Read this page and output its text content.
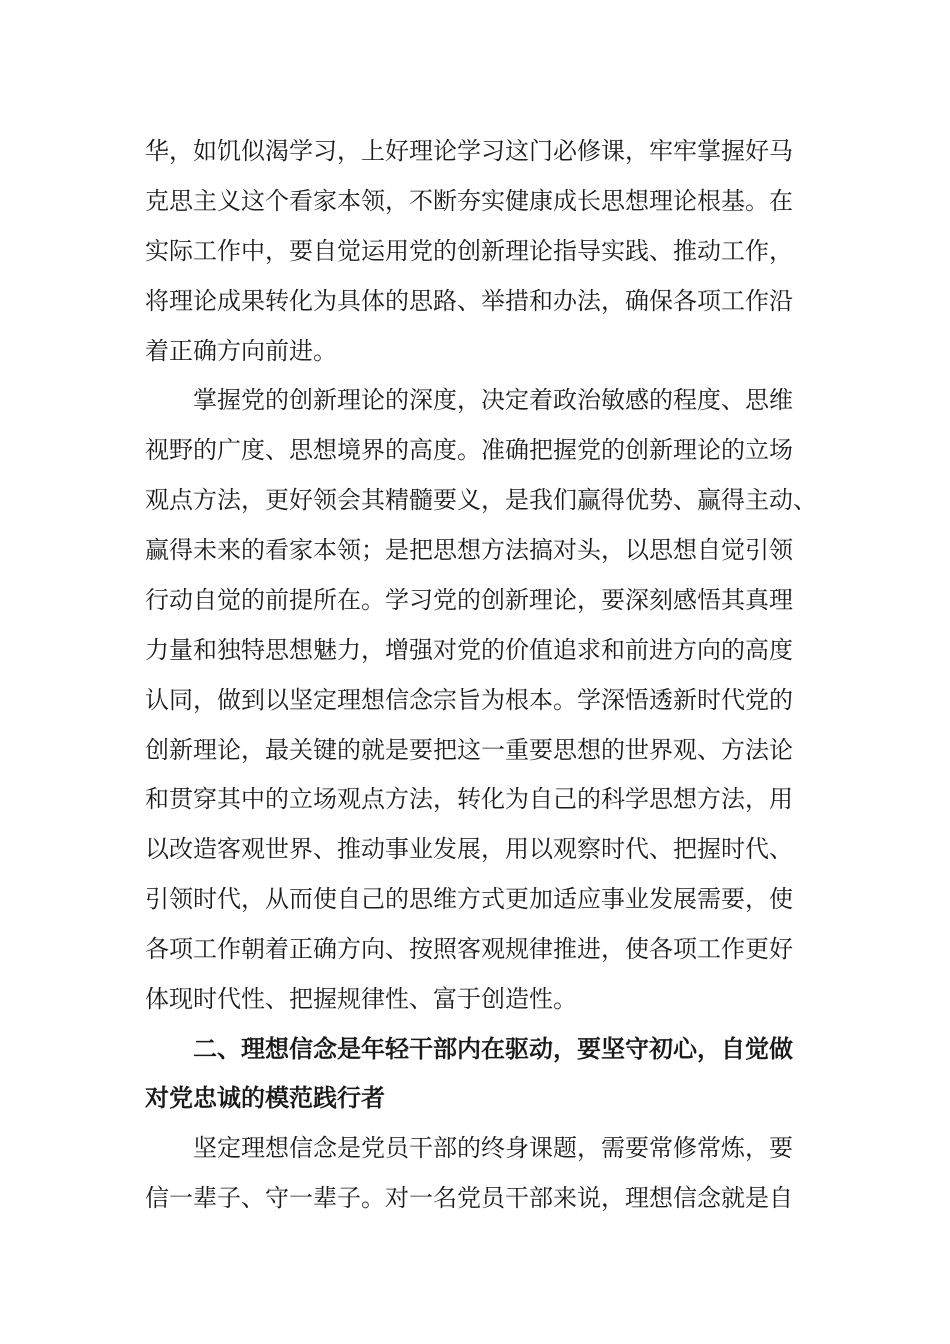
华，如饥似渴学习，上好理论学习这门必修课，牢牢掌握好马

克思主义这个看家本领，不断夯实健康成长思想理论根基。在

实际工作中，要自觉运用党的创新理论指导实践、推动工作，

将理论成果转化为具体的思路、举措和办法，确保各项工作沿

着正确方向前进。

掌握党的创新理论的深度，决定着政治敏感的程度、思维

视野的广度、思想境界的高度。准确把握党的创新理论的立场

观点方法，更好领会其精髓要义，是我们赢得优势、赢得主动、

赢得未来的看家本领；是把思想方法搞对头，以思想自觉引领

行动自觉的前提所在。学习党的创新理论，要深刻感悟其真理

力量和独特思想魅力，增强对党的价值追求和前进方向的高度

认同，做到以坚定理想信念宗旨为根本。学深悟透新时代党的

创新理论，最关键的就是要把这一重要思想的世界观、方法论

和贯穿其中的立场观点方法，转化为自己的科学思想方法，用

以改造客观世界、推动事业发展，用以观察时代、把握时代、

引领时代，从而使自己的思维方式更加适应事业发展需要，使

各项工作朝着正确方向、按照客观规律推进，使各项工作更好

体现时代性、把握规律性、富于创造性。

二、理想信念是年轻干部内在驱动，要坚守初心，自觉做

对党忠诚的模范践行者

坚定理想信念是党员干部的终身课题，需要常修常炼，要

信一辈子、守一辈子。对一名党员干部来说，理想信念就是自
